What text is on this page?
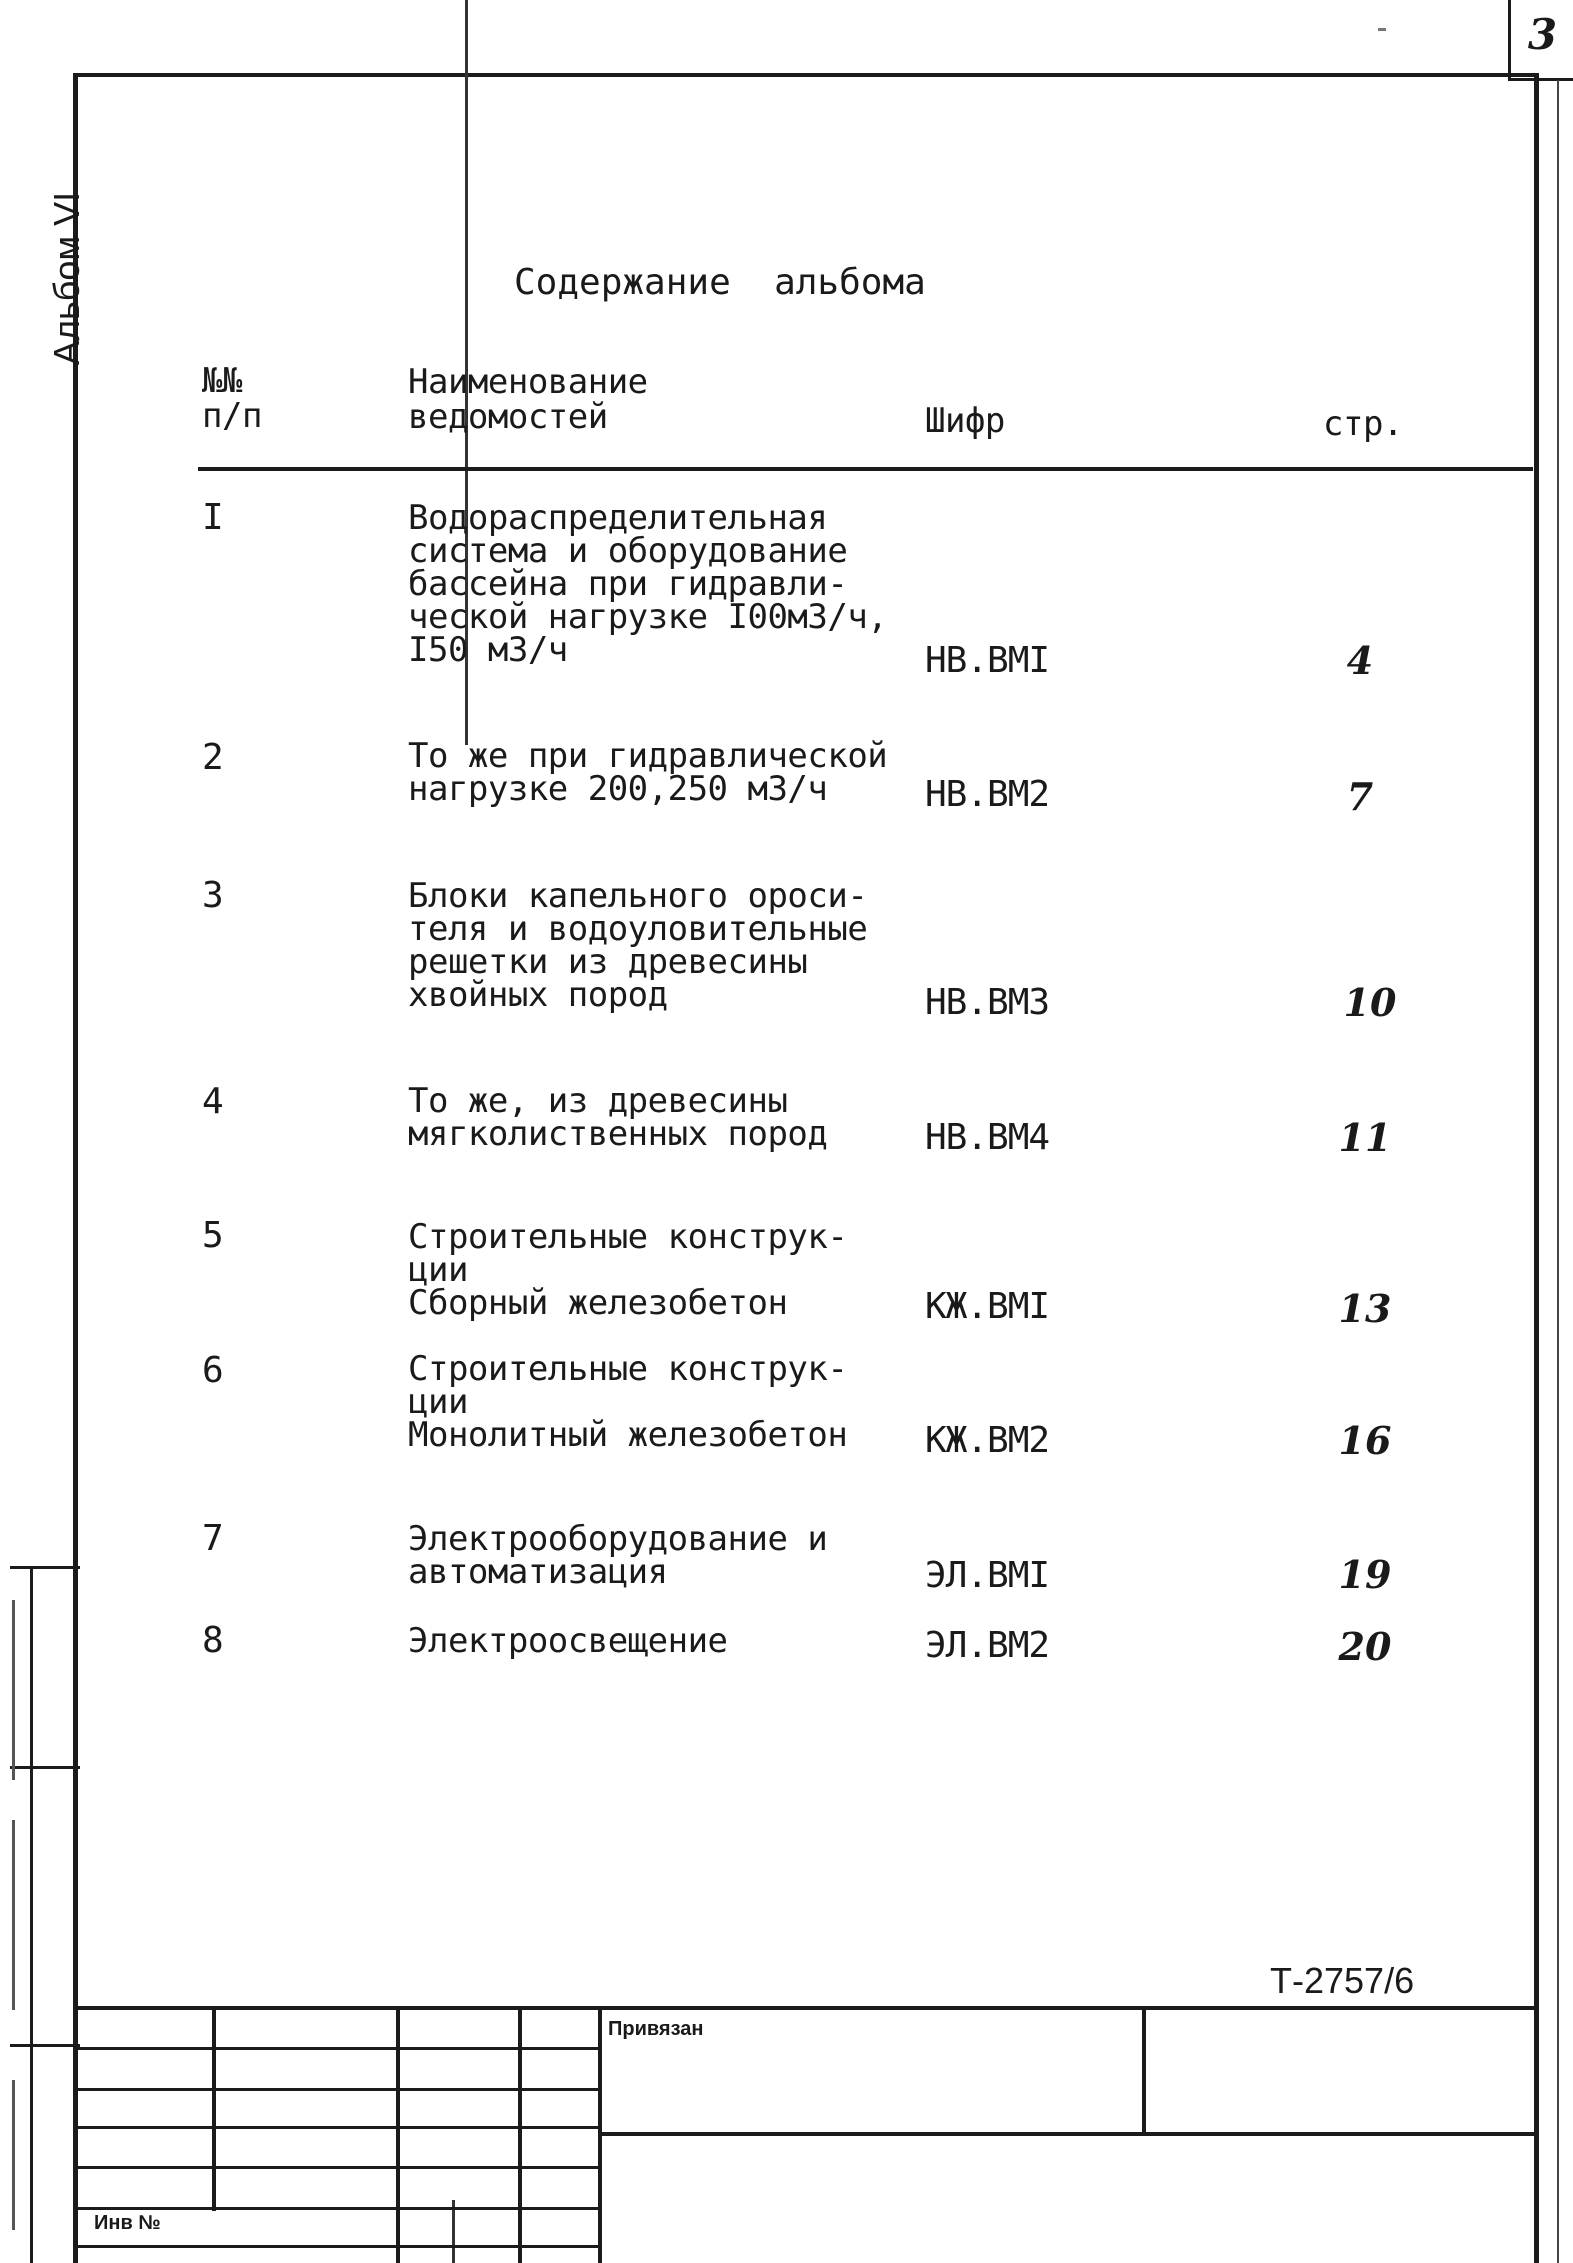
3
Альбом VI	Содержание  альбома
№№
п/п
Наименование
ведомостей	Шифр	стр.
I	Водораспределительная
система и оборудование
бассейна при гидравли-
ческой нагрузке I00м3/ч,
I50 м3/ч	НВ.ВМI	4
2	То же при гидравлической
нагрузке 200,250 м3/ч	НВ.ВМ2	7
3	Блоки капельного ороси-
теля и водоуловительные
решетки из древесины
хвойных пород	НВ.ВМЗ	10
4	То же, из древесины
мягколиственных пород	НВ.ВМ4	11
5	Строительные конструк-
ции
Сборный железобетон	КЖ.ВМI	13
6	Строительные конструк-
ции
Монолитный железобетон КЖ.ВМ2	16
7	Электрооборудование и
автоматизация	ЭЛ.ВМI	19
8	Электроосвещение	ЭЛ.ВМ2	20
Т-2757/6
Привязан
Инв №
